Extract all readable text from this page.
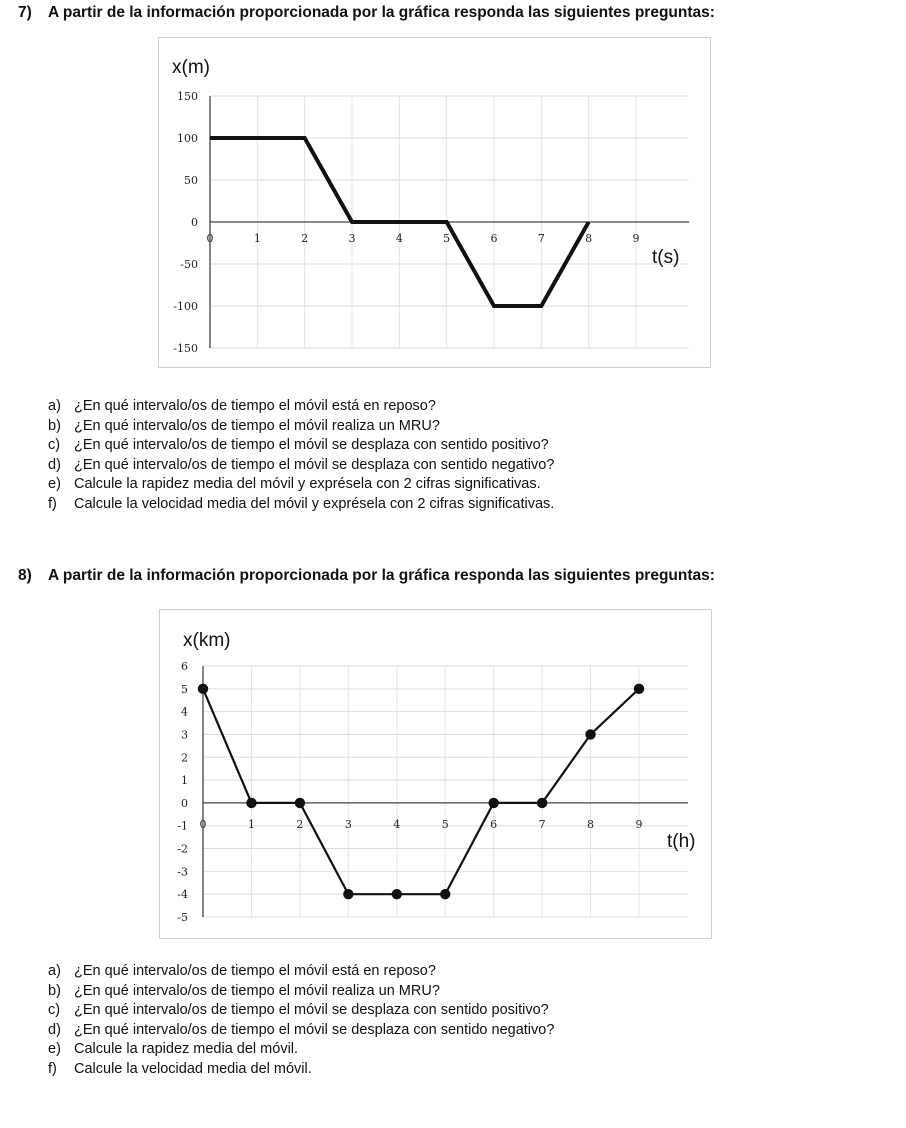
7) A partir de la información proporcionada por la gráfica responda las siguientes preguntas:
150
100
50
0
-50
-100
-150
0	1	2	3	4	5	6	7	8	9
x(m)
t(s)
a) ¿En qué intervalo/os de tiempo el móvil está en reposo?
b) ¿En qué intervalo/os de tiempo el móvil realiza un MRU?
c) ¿En qué intervalo/os de tiempo el móvil se desplaza con sentido positivo?
d) ¿En qué intervalo/os de tiempo el móvil se desplaza con sentido negativo?
e) Calcule la rapidez media del móvil y exprésela con 2 cifras significativas.
f) Calcule la velocidad media del móvil y exprésela con 2 cifras significativas.
8) A partir de la información proporcionada por la gráfica responda las siguientes preguntas:
6
5
4
3
2
1
0
-1
-2
-3
-4
-5
0	1	2	3	4	5	6	7	8	9
x(km)
t(h)
a) ¿En qué intervalo/os de tiempo el móvil está en reposo?
b) ¿En qué intervalo/os de tiempo el móvil realiza un MRU?
c) ¿En qué intervalo/os de tiempo el móvil se desplaza con sentido positivo?
d) ¿En qué intervalo/os de tiempo el móvil se desplaza con sentido negativo?
e) Calcule la rapidez media del móvil.
f) Calcule la velocidad media del móvil.
